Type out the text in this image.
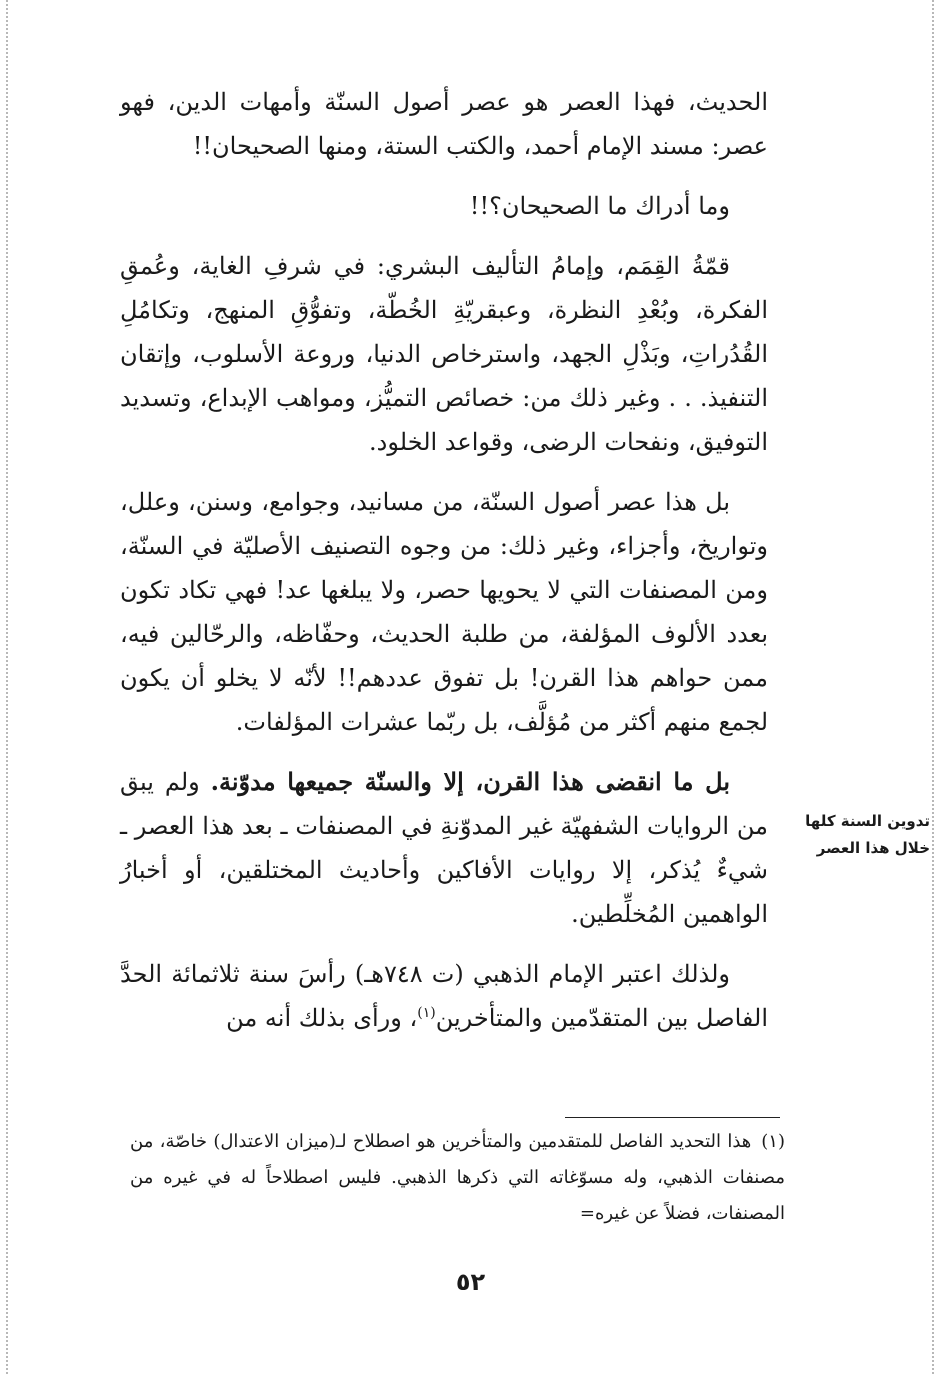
الحديث، فهذا العصر هو عصر أصول السنّة وأمهات الدين، فهو عصر: مسند الإمام أحمد، والكتب الستة، ومنها الصحيحان!!

وما أدراك ما الصحيحان؟!!

قمّةُ القِمَم، وإمامُ التأليف البشري: في شرفِ الغاية، وعُمقِ الفكرة، وبُعْدِ النظرة، وعبقريّةِ الخُطّة، وتفوُّقِ المنهج، وتكامُلِ القُدُراتِ، وبَذْلِ الجهد، واسترخاص الدنيا، وروعة الأسلوب، وإتقان التنفيذ. . . وغير ذلك من: خصائص التميُّز، ومواهب الإبداع، وتسديد التوفيق، ونفحات الرضى، وقواعد الخلود.

بل هذا عصر أصول السنّة، من مسانيد، وجوامع، وسنن، وعلل، وتواريخ، وأجزاء، وغير ذلك: من وجوه التصنيف الأصليّة في السنّة، ومن المصنفات التي لا يحويها حصر، ولا يبلغها عد! فهي تكاد تكون بعدد الألوف المؤلفة، من طلبة الحديث، وحفّاظه، والرحّالين فيه، ممن حواهم هذا القرن! بل تفوق عددهم!! لأنّه لا يخلو أن يكون لجمع منهم أكثر من مُؤلَّف، بل ربّما عشرات المؤلفات.

بل ما انقضى هذا القرن، إلا والسنّة جميعها مدوّنة. ولم يبق من الروايات الشفهيّة غير المدوّنةِ في المصنفات ـ بعد هذا العصر ـ شيءٌ يُذكر، إلا روايات الأفاكين وأحاديث المختلقين، أو أخبارُ الواهمين المُخلِّطين.

ولذلك اعتبر الإمام الذهبي (ت ٧٤٨هـ) رأسَ سنة ثلاثمائة الحدَّ الفاصل بين المتقدّمين والمتأخرين$^{(١)}$، ورأى بذلك أنه من

تدوين السنة كلها خلال هذا العصر
(١)هذا التحديد الفاصل للمتقدمين والمتأخرين هو اصطلاح لـ(ميزان الاعتدال) خاصّة، من مصنفات الذهبي، وله مسوّغاته التي ذكرها الذهبي. فليس اصطلاحاً له في غيره من المصنفات، فضلاً عن غيره=
٥٢
